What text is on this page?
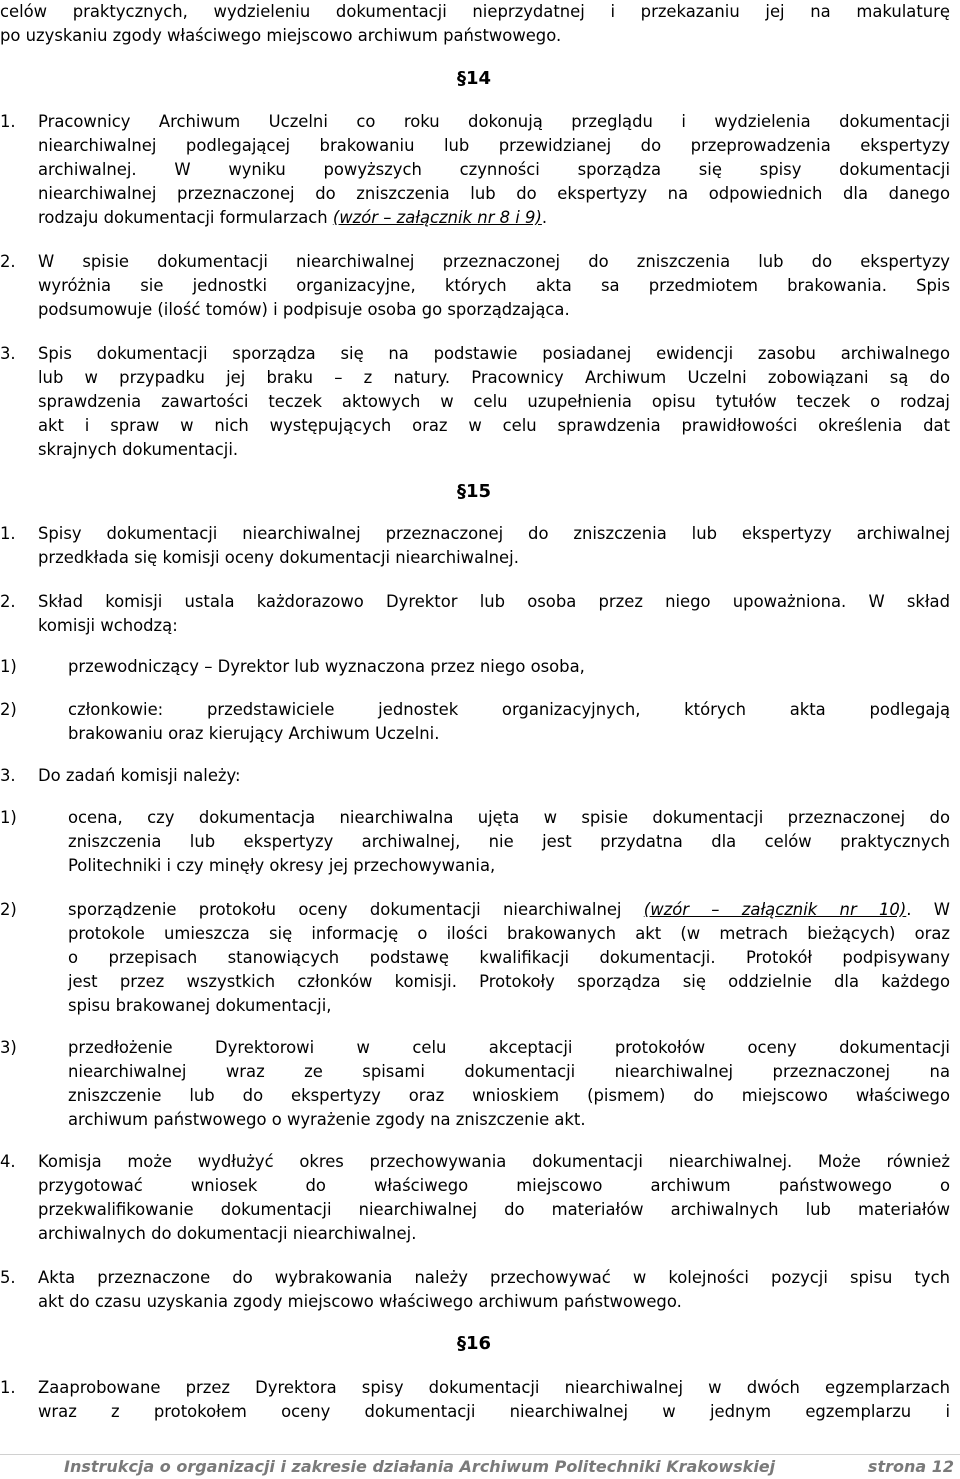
celów praktycznych, wydzieleniu dokumentacji nieprzydatnej i przekazaniu jej na makulaturę
po uzyskaniu zgody właściwego miejscowo archiwum państwowego.
§14
1. Pracownicy Archiwum Uczelni co roku dokonują przeglądu i wydzielenia dokumentacji
niearchiwalnej podlegającej brakowaniu lub przewidzianej do przeprowadzenia ekspertyzy
archiwalnej. W wyniku powyższych czynności sporządza się spisy dokumentacji
niearchiwalnej przeznaczonej do zniszczenia lub do ekspertyzy na odpowiednich dla danego
rodzaju dokumentacji formularzach (wzór – załącznik nr 8 i 9).
2. W spisie dokumentacji niearchiwalnej przeznaczonej do zniszczenia lub do ekspertyzy
wyróżnia sie jednostki organizacyjne, których akta sa przedmiotem brakowania. Spis
podsumowuje (ilość tomów) i podpisuje osoba go sporządzająca.
3. Spis dokumentacji sporządza się na podstawie posiadanej ewidencji zasobu archiwalnego
lub w przypadku jej braku – z natury. Pracownicy Archiwum Uczelni zobowiązani są do
sprawdzenia zawartości teczek aktowych w celu uzupełnienia opisu tytułów teczek o rodzaj
akt i spraw w nich występujących oraz w celu sprawdzenia prawidłowości określenia dat
skrajnych dokumentacji.
§15
1. Spisy dokumentacji niearchiwalnej przeznaczonej do zniszczenia lub ekspertyzy archiwalnej
przedkłada się komisji oceny dokumentacji niearchiwalnej.
2. Skład komisji ustala każdorazowo Dyrektor lub osoba przez niego upoważniona. W skład
komisji wchodzą:
1)	przewodniczący – Dyrektor lub wyznaczona przez niego osoba,
2)	członkowie: przedstawiciele jednostek organizacyjnych, których akta podlegają
brakowaniu oraz kierujący Archiwum Uczelni.
3. Do zadań komisji należy:
1)	ocena, czy dokumentacja niearchiwalna ujęta w spisie dokumentacji przeznaczonej do
zniszczenia lub ekspertyzy archiwalnej, nie jest przydatna dla celów praktycznych
Politechniki i czy minęły okresy jej przechowywania,
2)	sporządzenie protokołu oceny dokumentacji niearchiwalnej (wzór – załącznik nr 10). W
protokole umieszcza się informację o ilości brakowanych akt (w metrach bieżących) oraz
o przepisach stanowiących podstawę kwalifikacji dokumentacji. Protokół podpisywany
jest przez wszystkich członków komisji. Protokoły sporządza się oddzielnie dla każdego
spisu brakowanej dokumentacji,
3)	przedłożenie Dyrektorowi w celu akceptacji protokołów oceny dokumentacji
niearchiwalnej wraz ze spisami dokumentacji niearchiwalnej przeznaczonej na
zniszczenie lub do ekspertyzy oraz wnioskiem (pismem) do miejscowo właściwego
archiwum państwowego o wyrażenie zgody na zniszczenie akt.
4. Komisja może wydłużyć okres przechowywania dokumentacji niearchiwalnej. Może również
przygotować wniosek do właściwego miejscowo archiwum państwowego o
przekwalifikowanie dokumentacji niearchiwalnej do materiałów archiwalnych lub materiałów
archiwalnych do dokumentacji niearchiwalnej.
5. Akta przeznaczone do wybrakowania należy przechowywać w kolejności pozycji spisu tych
akt do czasu uzyskania zgody miejscowo właściwego archiwum państwowego.
§16
1. Zaaprobowane przez Dyrektora spisy dokumentacji niearchiwalnej w dwóch egzemplarzach
wraz z protokołem oceny dokumentacji niearchiwalnej w jednym egzemplarzu i
Instrukcja o organizacji i zakresie działania Archiwum Politechniki Krakowskiej	strona 12
